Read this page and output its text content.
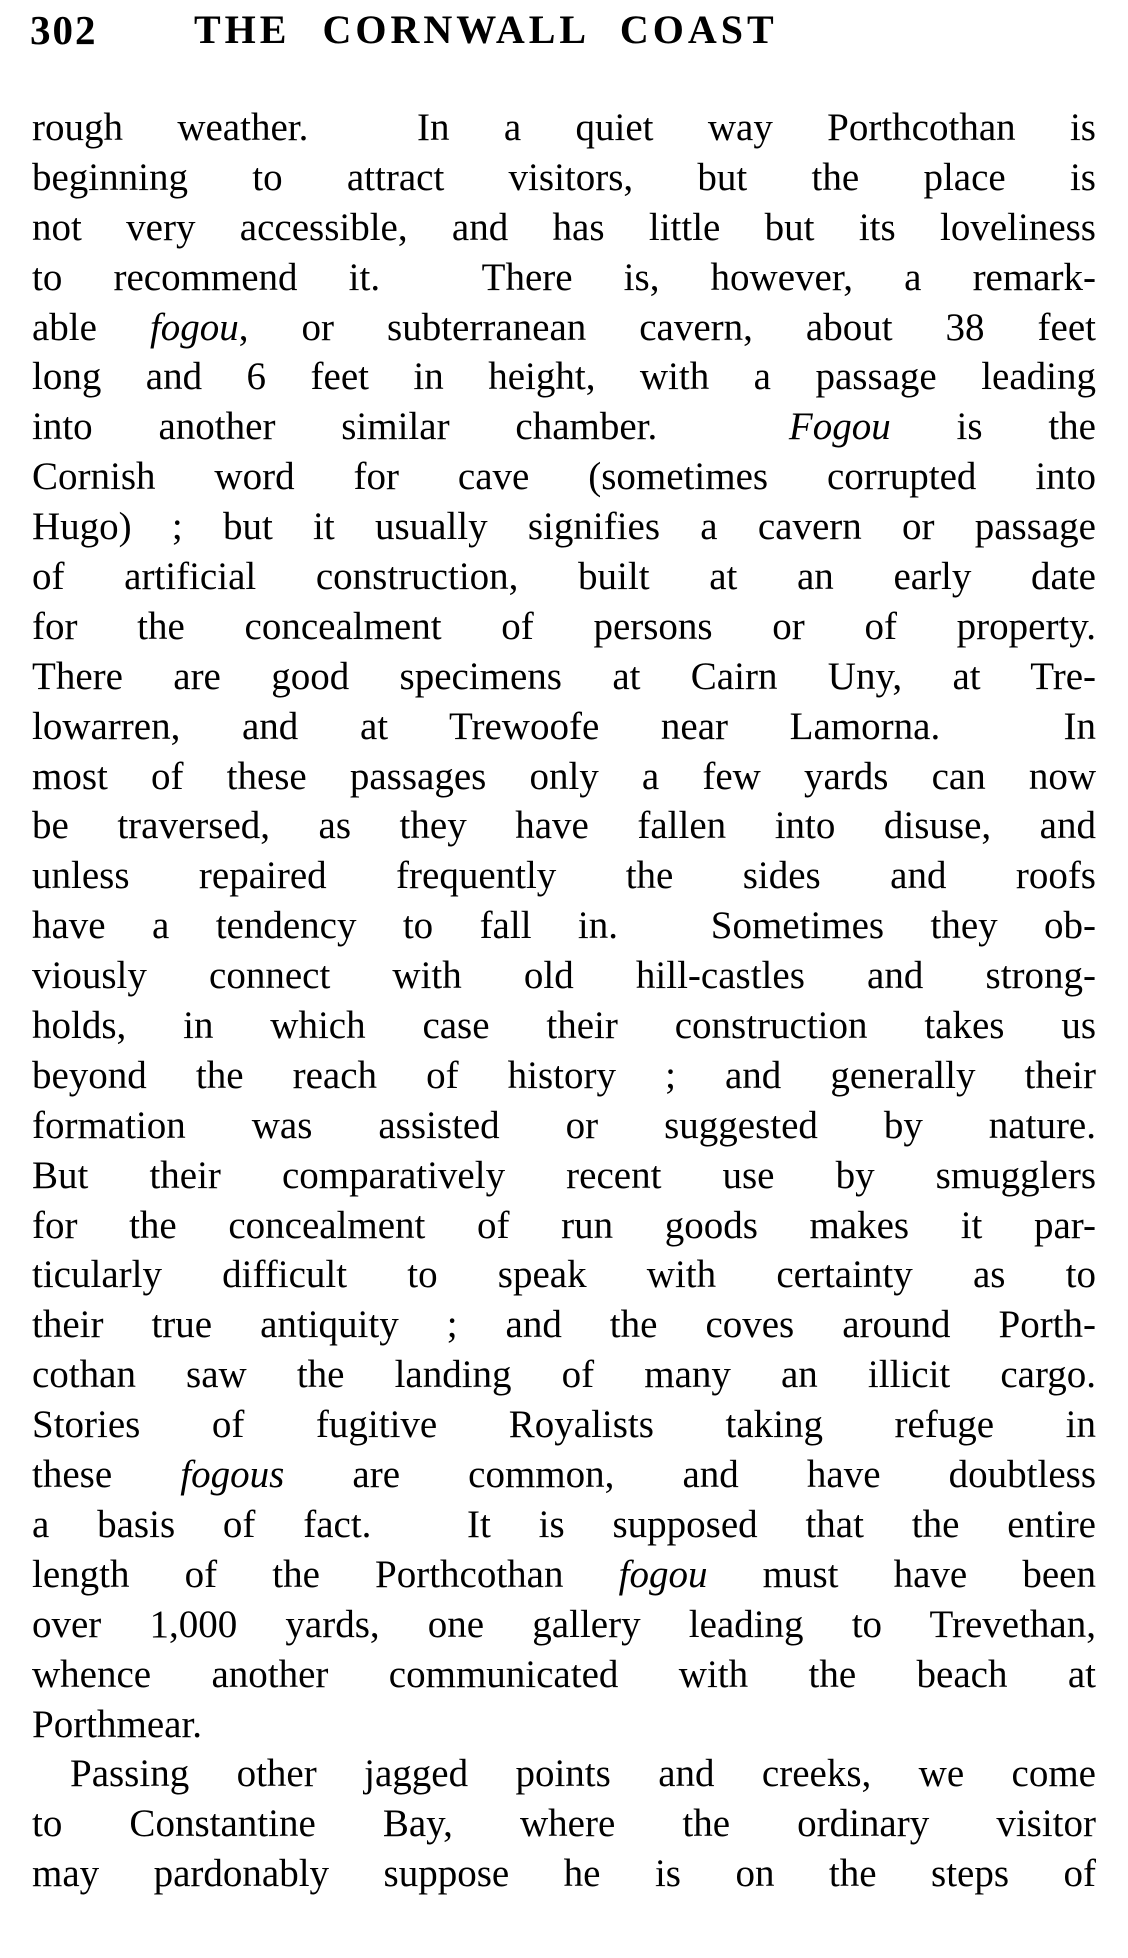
302 THE CORNWALL COAST
rough weather.  In a quiet way Porthcothan is
beginning to attract visitors, but the place is
not very accessible, and has little but its loveliness
to recommend it.  There is, however, a remark-
able fogou, or subterranean cavern, about 38 feet
long and 6 feet in height, with a passage leading
into another similar chamber.  Fogou is the
Cornish word for cave (sometimes corrupted into
Hugo) ; but it usually signifies a cavern or passage
of artificial construction, built at an early date
for the concealment of persons or of property.
There are good specimens at Cairn Uny, at Tre-
lowarren, and at Trewoofe near Lamorna.  In
most of these passages only a few yards can now
be traversed, as they have fallen into disuse, and
unless repaired frequently the sides and roofs
have a tendency to fall in.  Sometimes they ob-
viously connect with old hill-castles and strong-
holds, in which case their construction takes us
beyond the reach of history ; and generally their
formation was assisted or suggested by nature.
But their comparatively recent use by smugglers
for the concealment of run goods makes it par-
ticularly difficult to speak with certainty as to
their true antiquity ; and the coves around Porth-
cothan saw the landing of many an illicit cargo.
Stories of fugitive Royalists taking refuge in
these fogous are common, and have doubtless
a basis of fact.  It is supposed that the entire
length of the Porthcothan fogou must have been
over 1,000 yards, one gallery leading to Trevethan,
whence another communicated with the beach at
Porthmear.
Passing other jagged points and creeks, we come
to Constantine Bay, where the ordinary visitor
may pardonably suppose he is on the steps of
